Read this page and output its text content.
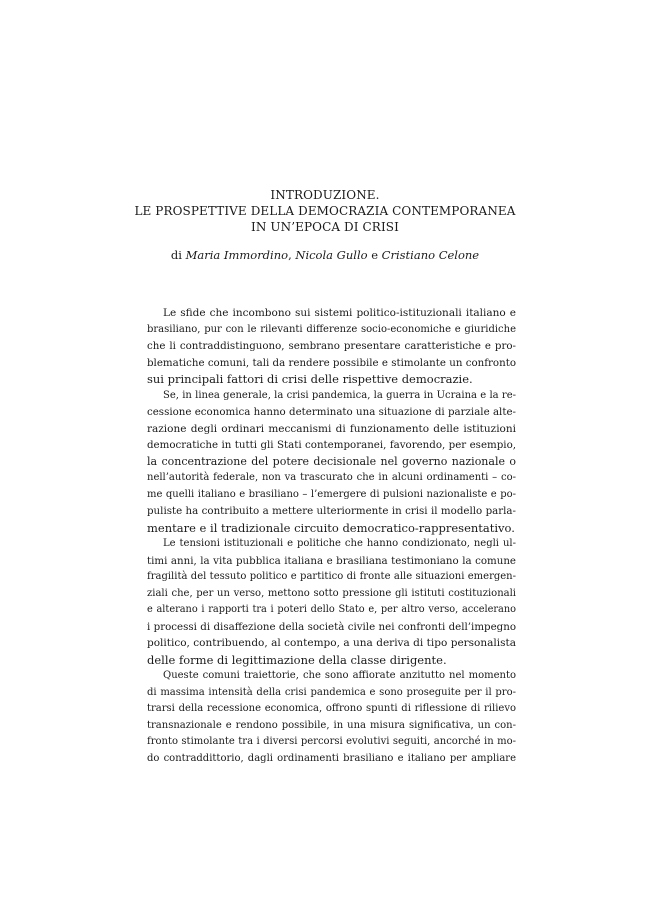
INTRODUZIONE.
LE PROSPETTIVE DELLA DEMOCRAZIA CONTEMPORANEA
IN UN’EPOCA DI CRISI
di Maria Immordino, Nicola Gullo e Cristiano Celone
Le sfide che incombono sui sistemi politico-istituzionali italiano e
brasiliano, pur con le rilevanti differenze socio-economiche e giuridiche
che li contraddistinguono, sembrano presentare caratteristiche e pro-
blematiche comuni, tali da rendere possibile e stimolante un confronto
sui principali fattori di crisi delle rispettive democrazie.
Se, in linea generale, la crisi pandemica, la guerra in Ucraina e la re-
cessione economica hanno determinato una situazione di parziale alte-
razione degli ordinari meccanismi di funzionamento delle istituzioni
democratiche in tutti gli Stati contemporanei, favorendo, per esempio,
la concentrazione del potere decisionale nel governo nazionale o
nell’autorità federale, non va trascurato che in alcuni ordinamenti – co-
me quelli italiano e brasiliano – l’emergere di pulsioni nazionaliste e po-
puliste ha contribuito a mettere ulteriormente in crisi il modello parla-
mentare e il tradizionale circuito democratico-rappresentativo.
Le tensioni istituzionali e politiche che hanno condizionato, negli ul-
timi anni, la vita pubblica italiana e brasiliana testimoniano la comune
fragilità del tessuto politico e partitico di fronte alle situazioni emergen-
ziali che, per un verso, mettono sotto pressione gli istituti costituzionali
e alterano i rapporti tra i poteri dello Stato e, per altro verso, accelerano
i processi di disaffezione della società civile nei confronti dell’impegno
politico, contribuendo, al contempo, a una deriva di tipo personalista
delle forme di legittimazione della classe dirigente.
Queste comuni traiettorie, che sono affiorate anzitutto nel momento
di massima intensità della crisi pandemica e sono proseguite per il pro-
trarsi della recessione economica, offrono spunti di riflessione di rilievo
transnazionale e rendono possibile, in una misura significativa, un con-
fronto stimolante tra i diversi percorsi evolutivi seguiti, ancorché in mo-
do contraddittorio, dagli ordinamenti brasiliano e italiano per ampliare
